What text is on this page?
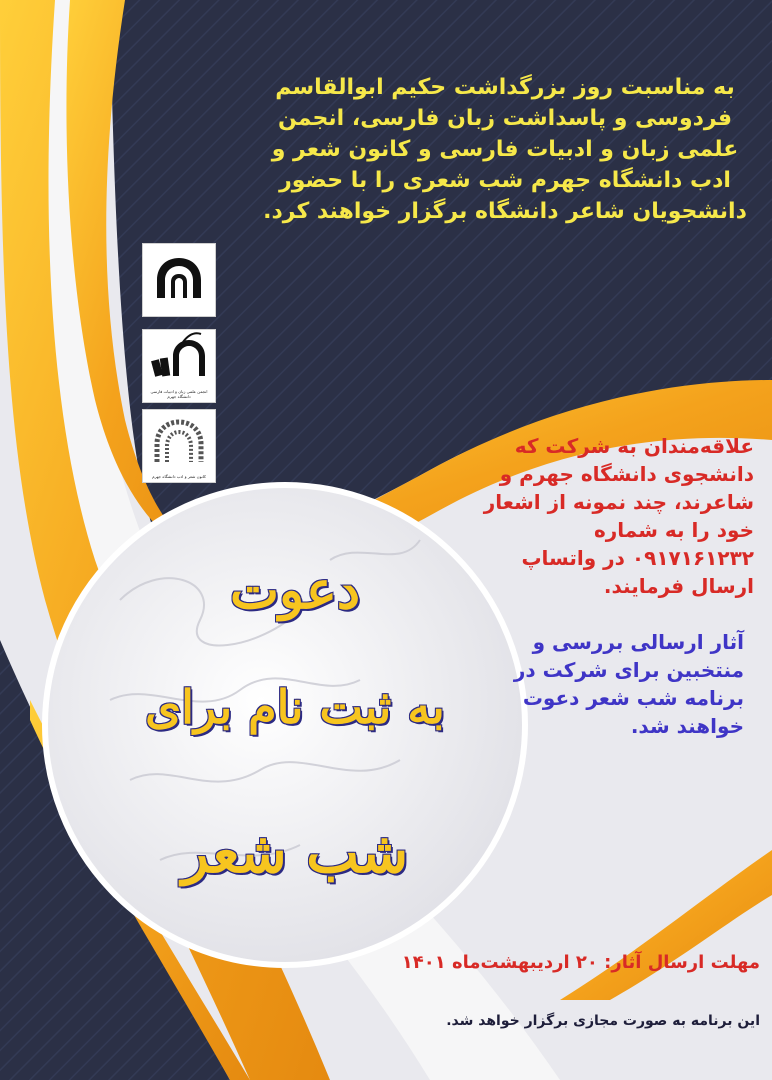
به مناسبت روز بزرگداشت حکیم ابوالقاسم فردوسی و پاسداشت زبان فارسی، انجمن علمی زبان و ادبیات فارسی و کانون شعر و ادب دانشگاه جهرم شب شعری را با حضور دانشجویان شاعر دانشگاه برگزار خواهند کرد.
انجمن علمی زبان و ادبیات فارسی دانشگاه جهرم
کانون شعر و ادب دانشگاه جهرم
علاقه‌مندان به شرکت که دانشجوی دانشگاه جهرم و شاعرند، چند نمونه از اشعار خود را به شماره ۰۹۱۷۱۶۱۲۳۲ در واتساپ ارسال فرمایند.
آثار ارسالی بررسی و منتخبین برای شرکت در برنامه شب شعر دعوت خواهند شد.
دعوت
به ثبت نام برای
شب شعر
مهلت ارسال آثار: ۲۰ اردیبهشت‌ماه ۱۴۰۱
این برنامه به صورت مجازی برگزار خواهد شد.
